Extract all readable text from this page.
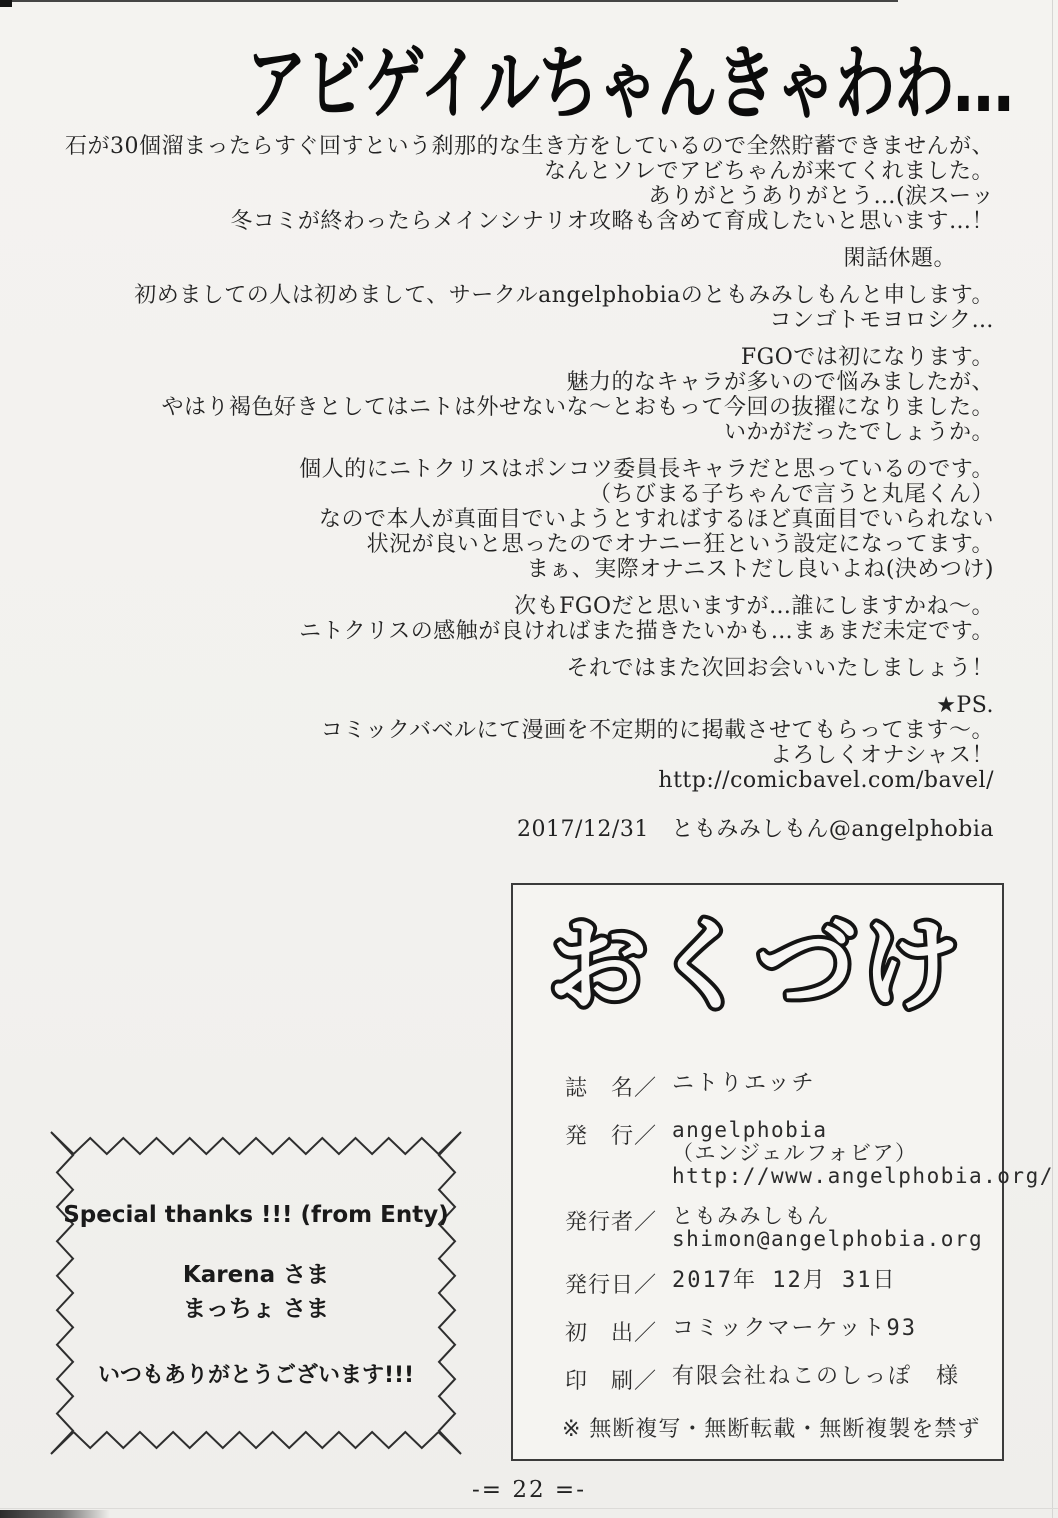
アビゲイルちゃんきゃわわ…
石が30個溜まったらすぐ回すという刹那的な生き方をしているので全然貯蓄できませんが、
なんとソレでアビちゃんが来てくれました。
ありがとうありがとう…(涙スーッ
冬コミが終わったらメインシナリオ攻略も含めて育成したいと思います…！
閑話休題。
初めましての人は初めまして、サークルangelphobiaのともみみしもんと申します。
コンゴトモヨロシク…
FGOでは初になります。
魅力的なキャラが多いので悩みましたが、
やはり褐色好きとしてはニトは外せないな〜とおもって今回の抜擢になりました。
いかがだったでしょうか。
個人的にニトクリスはポンコツ委員長キャラだと思っているのです。
（ちびまる子ちゃんで言うと丸尾くん）
なので本人が真面目でいようとすればするほど真面目でいられない
状況が良いと思ったのでオナニー狂という設定になってます。
まぁ、実際オナニストだし良いよね(決めつけ)
次もFGOだと思いますが…誰にしますかね〜。
ニトクリスの感触が良ければまた描きたいかも…まぁまだ未定です。
それではまた次回お会いいたしましょう！
★PS.
コミックバベルにて漫画を不定期的に掲載させてもらってます〜。
よろしくオナシャス！
http://comicbavel.com/bavel/
2017/12/31　ともみみしもん@angelphobia
おくづけ
誌　名／ ニトりエッチ
発　行／ angelphobia
（エンジェルフォビア）
http://www.angelphobia.org/
発行者／ ともみみしもん
shimon@angelphobia.org
発行日／ 2017年 12月 31日
初　出／ コミックマーケット93
印　刷／ 有限会社ねこのしっぽ　様
※ 無断複写・無断転載・無断複製を禁ず
Special thanks !!! (from Enty)
Karena さま
まっちょ さま
いつもありがとうございます!!!
-= 22 =-
